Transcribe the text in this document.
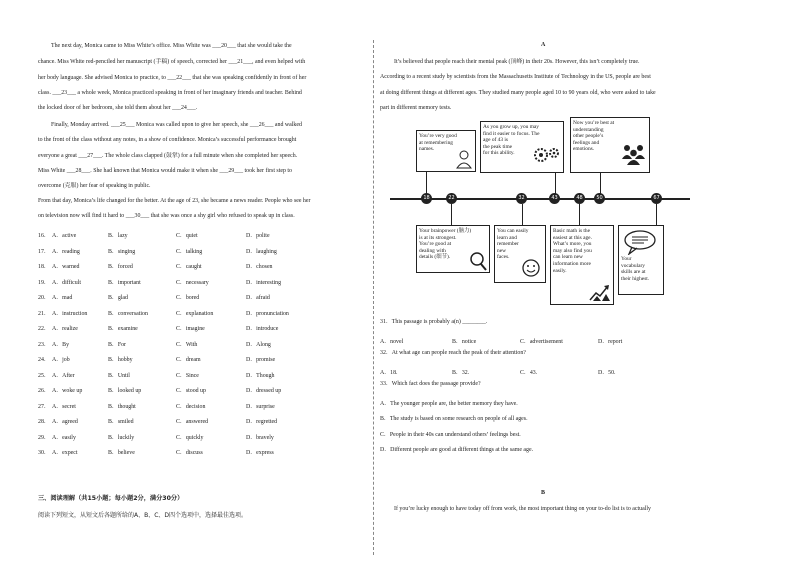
The next day, Monica came to Miss White’s office. Miss White was ___20___ that she would take the
chance. Miss White red-penciled her manuscript (手稿) of speech, corrected her ___21___, and even helped with
her body language. She advised Monica to practice, to ___22___ that she was speaking confidently in front of her
class. ___23___ a whole week, Monica practiced speaking in front of her imaginary friends and teacher. Behind
the locked door of her bedroom, she told them about her ___24___.
Finally, Monday arrived. ___25___ Monica was called upon to give her speech, she ___26___ and walked
to the front of the class without any notes, in a show of confidence. Monica’s successful performance brought
everyone a great ___27___. The whole class clapped (鼓掌) for a full minute when she completed her speech.
Miss White ___28___. She had known that Monica would make it when she ___29___ took her first step to
overcome (克服) her fear of speaking in public.
From that day, Monica’s life changed for the better. At the age of 23, she became a news reader. People who see her
on television now will find it hard to ___30___ that she was once a shy girl who refused to speak up in class.
16． A．active	B．lazy	C．quiet	D．polite
17． A．reading	B．singing	C．talking	D．laughing
18． A．warned	B．forced	C．caught	D．chosen
19． A．difficult	B．important	C．necessary	D．interesting
20． A．mad	B．glad	C．bored	D．afraid
21． A．instruction	B．conversation	C．explanation	D．pronunciation
22． A．realize	B．examine	C．imagine	D．introduce
23． A．By	B．For	C．With	D．Along
24． A．job	B．hobby	C．dream	D．promise
25． A．After	B．Until	C．Since	D．Though
26． A．woke up	B．looked up	C．stood up	D．dressed up
27． A．secret	B．thought	C．decision	D．surprise
28． A．agreed	B．smiled	C．answered	D．regretted
29． A．easily	B．luckily	C．quickly	D．bravely
30． A．expect	B．believe	C．discuss	D．express
三、阅读理解（共15小题；每小题2分，满分30分）
阅读下列短文，从短文后各题所给的A、B、C、D四个选项中，选择最佳选项。
A
It’s believed that people reach their mental peak (顶峰) in their 20s. However, this isn’t completely true.
According to a recent study by scientists from the Massachusetts Institute of Technology in the US, people are best
at doing different things at different ages. They studied many people aged 10 to 90 years old, who were asked to take
part in different memory tests.
You’re very good
at remembering
names.
As you grow up, you may
find it easier to focus. The
age of 43 is
the peak time
for this ability.
Now you’re best at
understanding
other people’s
feelings and
emotions.
18	22	32	43	48	50	67
Your brainpower (脑力)
is at its strongest.
You’re good at
dealing with
details (细节).
You can easily
learn and
remember
new
faces.
Basic math is the
easiest at this age.
What’s more, you
may also find you
can learn new
information more
easily.
Your
vocabulary
skills are at
their highest.
31．This passage is probably a(n) ________.
A．novel	B．notice	C．advertisement	D．report
32．At what age can people reach the peak of their attention?
A．18.	B．32.	C．43.	D．50.
33．Which fact does the passage provide?
A．The younger people are, the better memory they have.
B．The study is based on some research on people of all ages.
C．People in their 40s can understand others’ feelings best.
D．Different people are good at different things at the same age.
B
If you’re lucky enough to have today off from work, the most important thing on your to-do list is to actually
